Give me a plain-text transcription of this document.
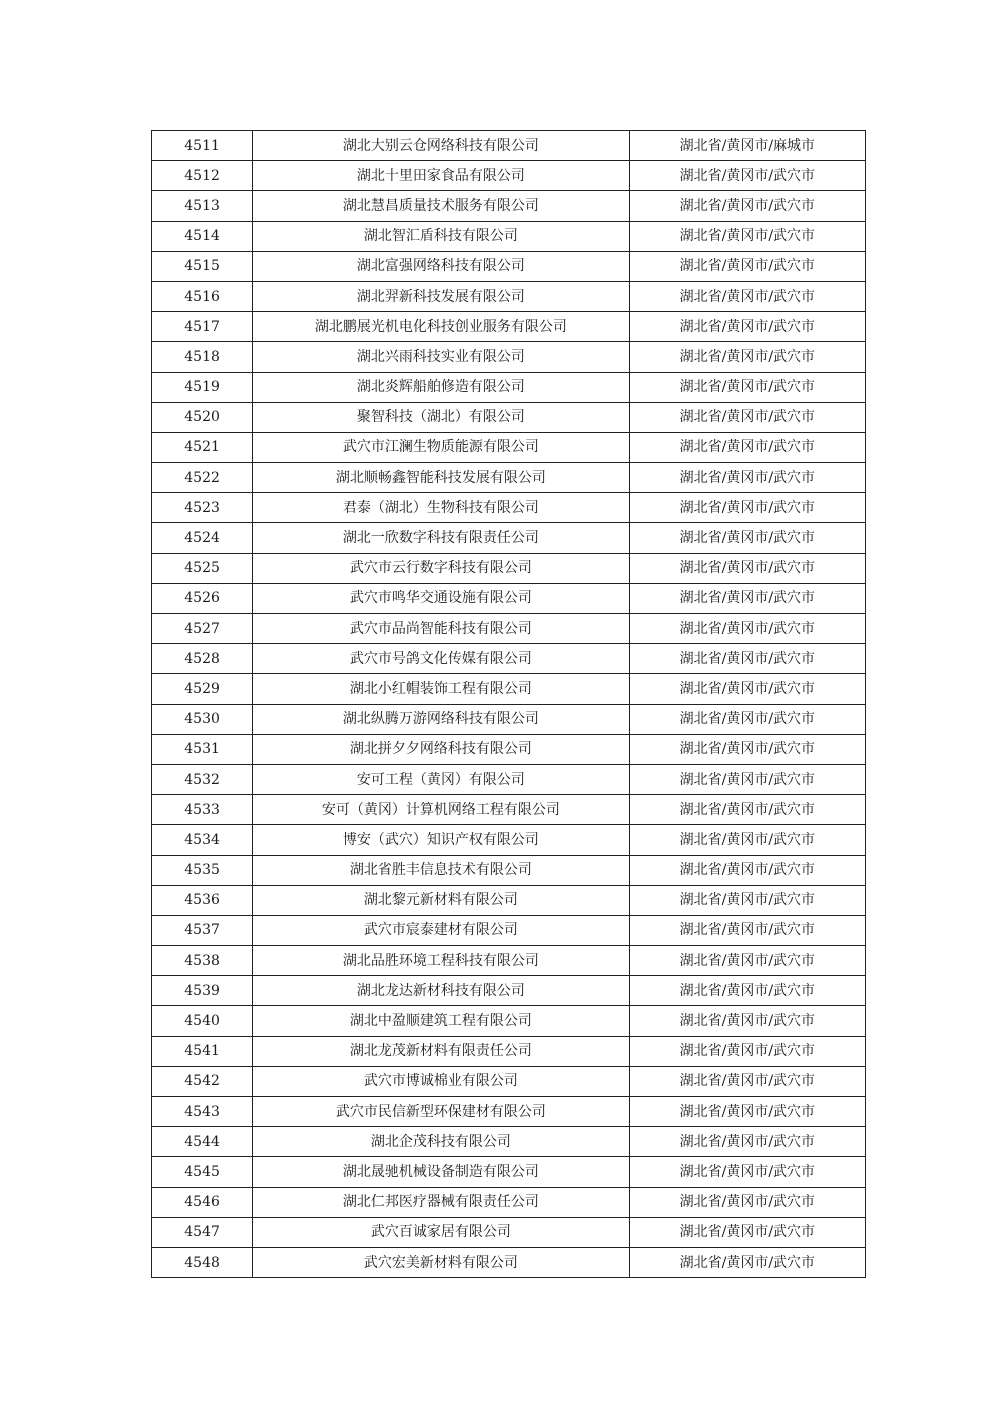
4511	湖北大别云仓网络科技有限公司	湖北省/黄冈市/麻城市
4512	湖北十里田家食品有限公司	湖北省/黄冈市/武穴市
4513	湖北慧昌质量技术服务有限公司	湖北省/黄冈市/武穴市
4514	湖北智汇盾科技有限公司	湖北省/黄冈市/武穴市
4515	湖北富强网络科技有限公司	湖北省/黄冈市/武穴市
4516	湖北羿新科技发展有限公司	湖北省/黄冈市/武穴市
4517	湖北鹏展光机电化科技创业服务有限公司	湖北省/黄冈市/武穴市
4518	湖北兴雨科技实业有限公司	湖北省/黄冈市/武穴市
4519	湖北炎辉船舶修造有限公司	湖北省/黄冈市/武穴市
4520	聚智科技（湖北）有限公司	湖北省/黄冈市/武穴市
4521	武穴市江澜生物质能源有限公司	湖北省/黄冈市/武穴市
4522	湖北顺畅鑫智能科技发展有限公司	湖北省/黄冈市/武穴市
4523	君泰（湖北）生物科技有限公司	湖北省/黄冈市/武穴市
4524	湖北一欣数字科技有限责任公司	湖北省/黄冈市/武穴市
4525	武穴市云行数字科技有限公司	湖北省/黄冈市/武穴市
4526	武穴市鸣华交通设施有限公司	湖北省/黄冈市/武穴市
4527	武穴市品尚智能科技有限公司	湖北省/黄冈市/武穴市
4528	武穴市号鸽文化传媒有限公司	湖北省/黄冈市/武穴市
4529	湖北小红帽装饰工程有限公司	湖北省/黄冈市/武穴市
4530	湖北纵腾万游网络科技有限公司	湖北省/黄冈市/武穴市
4531	湖北拼夕夕网络科技有限公司	湖北省/黄冈市/武穴市
4532	安可工程（黄冈）有限公司	湖北省/黄冈市/武穴市
4533	安可（黄冈）计算机网络工程有限公司	湖北省/黄冈市/武穴市
4534	博安（武穴）知识产权有限公司	湖北省/黄冈市/武穴市
4535	湖北省胜丰信息技术有限公司	湖北省/黄冈市/武穴市
4536	湖北黎元新材料有限公司	湖北省/黄冈市/武穴市
4537	武穴市宸泰建材有限公司	湖北省/黄冈市/武穴市
4538	湖北品胜环境工程科技有限公司	湖北省/黄冈市/武穴市
4539	湖北龙达新材科技有限公司	湖北省/黄冈市/武穴市
4540	湖北中盈顺建筑工程有限公司	湖北省/黄冈市/武穴市
4541	湖北龙茂新材料有限责任公司	湖北省/黄冈市/武穴市
4542	武穴市博诚棉业有限公司	湖北省/黄冈市/武穴市
4543	武穴市民信新型环保建材有限公司	湖北省/黄冈市/武穴市
4544	湖北企茂科技有限公司	湖北省/黄冈市/武穴市
4545	湖北晟驰机械设备制造有限公司	湖北省/黄冈市/武穴市
4546	湖北仁邦医疗器械有限责任公司	湖北省/黄冈市/武穴市
4547	武穴百诚家居有限公司	湖北省/黄冈市/武穴市
4548	武穴宏美新材料有限公司	湖北省/黄冈市/武穴市
